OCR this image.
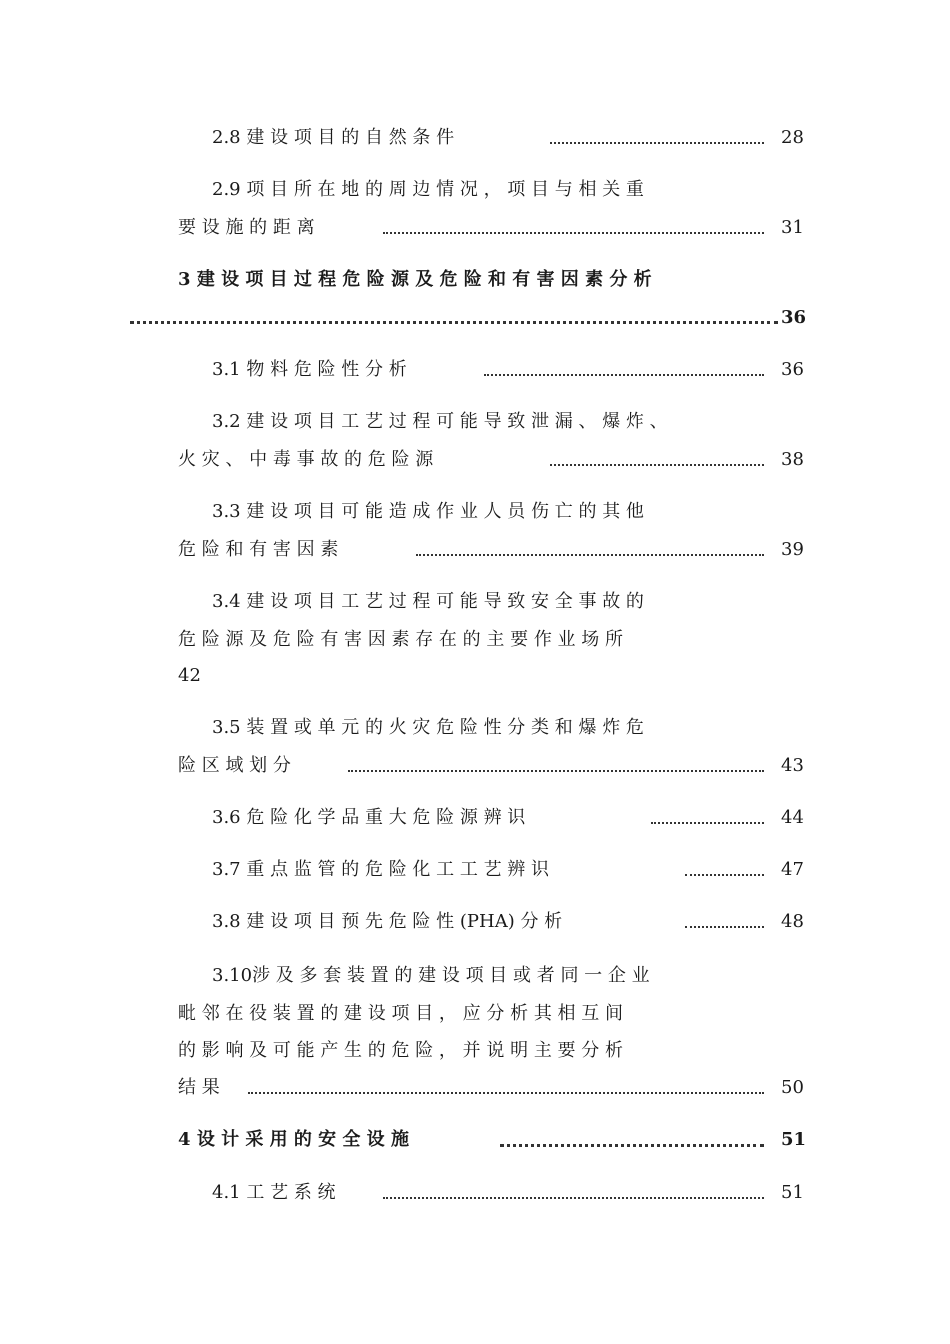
2.8 建 设 项 目 的 自 然 条 件	28
2.9 项 目 所 在 地 的 周 边 情 况 ， 项 目 与 相 关 重
要 设 施 的 距 离	31
3 建 设 项 目 过 程 危 险 源 及 危 险 和 有 害 因 素 分 析
36
3.1 物 料 危 险 性 分 析	36
3.2 建 设 项 目 工 艺 过 程 可 能 导 致 泄 漏 、 爆 炸 、
火 灾 、 中 毒 事 故 的 危 险 源	38
3.3 建 设 项 目 可 能 造 成 作 业 人 员 伤 亡 的 其 他
危 险 和 有 害 因 素	39
3.4 建 设 项 目 工 艺 过 程 可 能 导 致 安 全 事 故 的
危 险 源 及 危 险 有 害 因 素 存 在 的 主 要 作 业 场 所
42
3.5 装 置 或 单 元 的 火 灾 危 险 性 分 类 和 爆 炸 危
险 区 域 划 分	43
3.6 危 险 化 学 品 重 大 危 险 源 辨 识	44
3.7 重 点 监 管 的 危 险 化 工 工 艺 辨 识	47
3.8 建 设 项 目 预 先 危 险 性 (PHA) 分 析	48
3.10涉 及 多 套 装 置 的 建 设 项 目 或 者 同 一 企 业
毗 邻 在 役 装 置 的 建 设 项 目 ， 应 分 析 其 相 互 间
的 影 响 及 可 能 产 生 的 危 险 ， 并 说 明 主 要 分 析
结 果	50
4 设 计 采 用 的 安 全 设 施	51
4.1 工 艺 系 统	51
